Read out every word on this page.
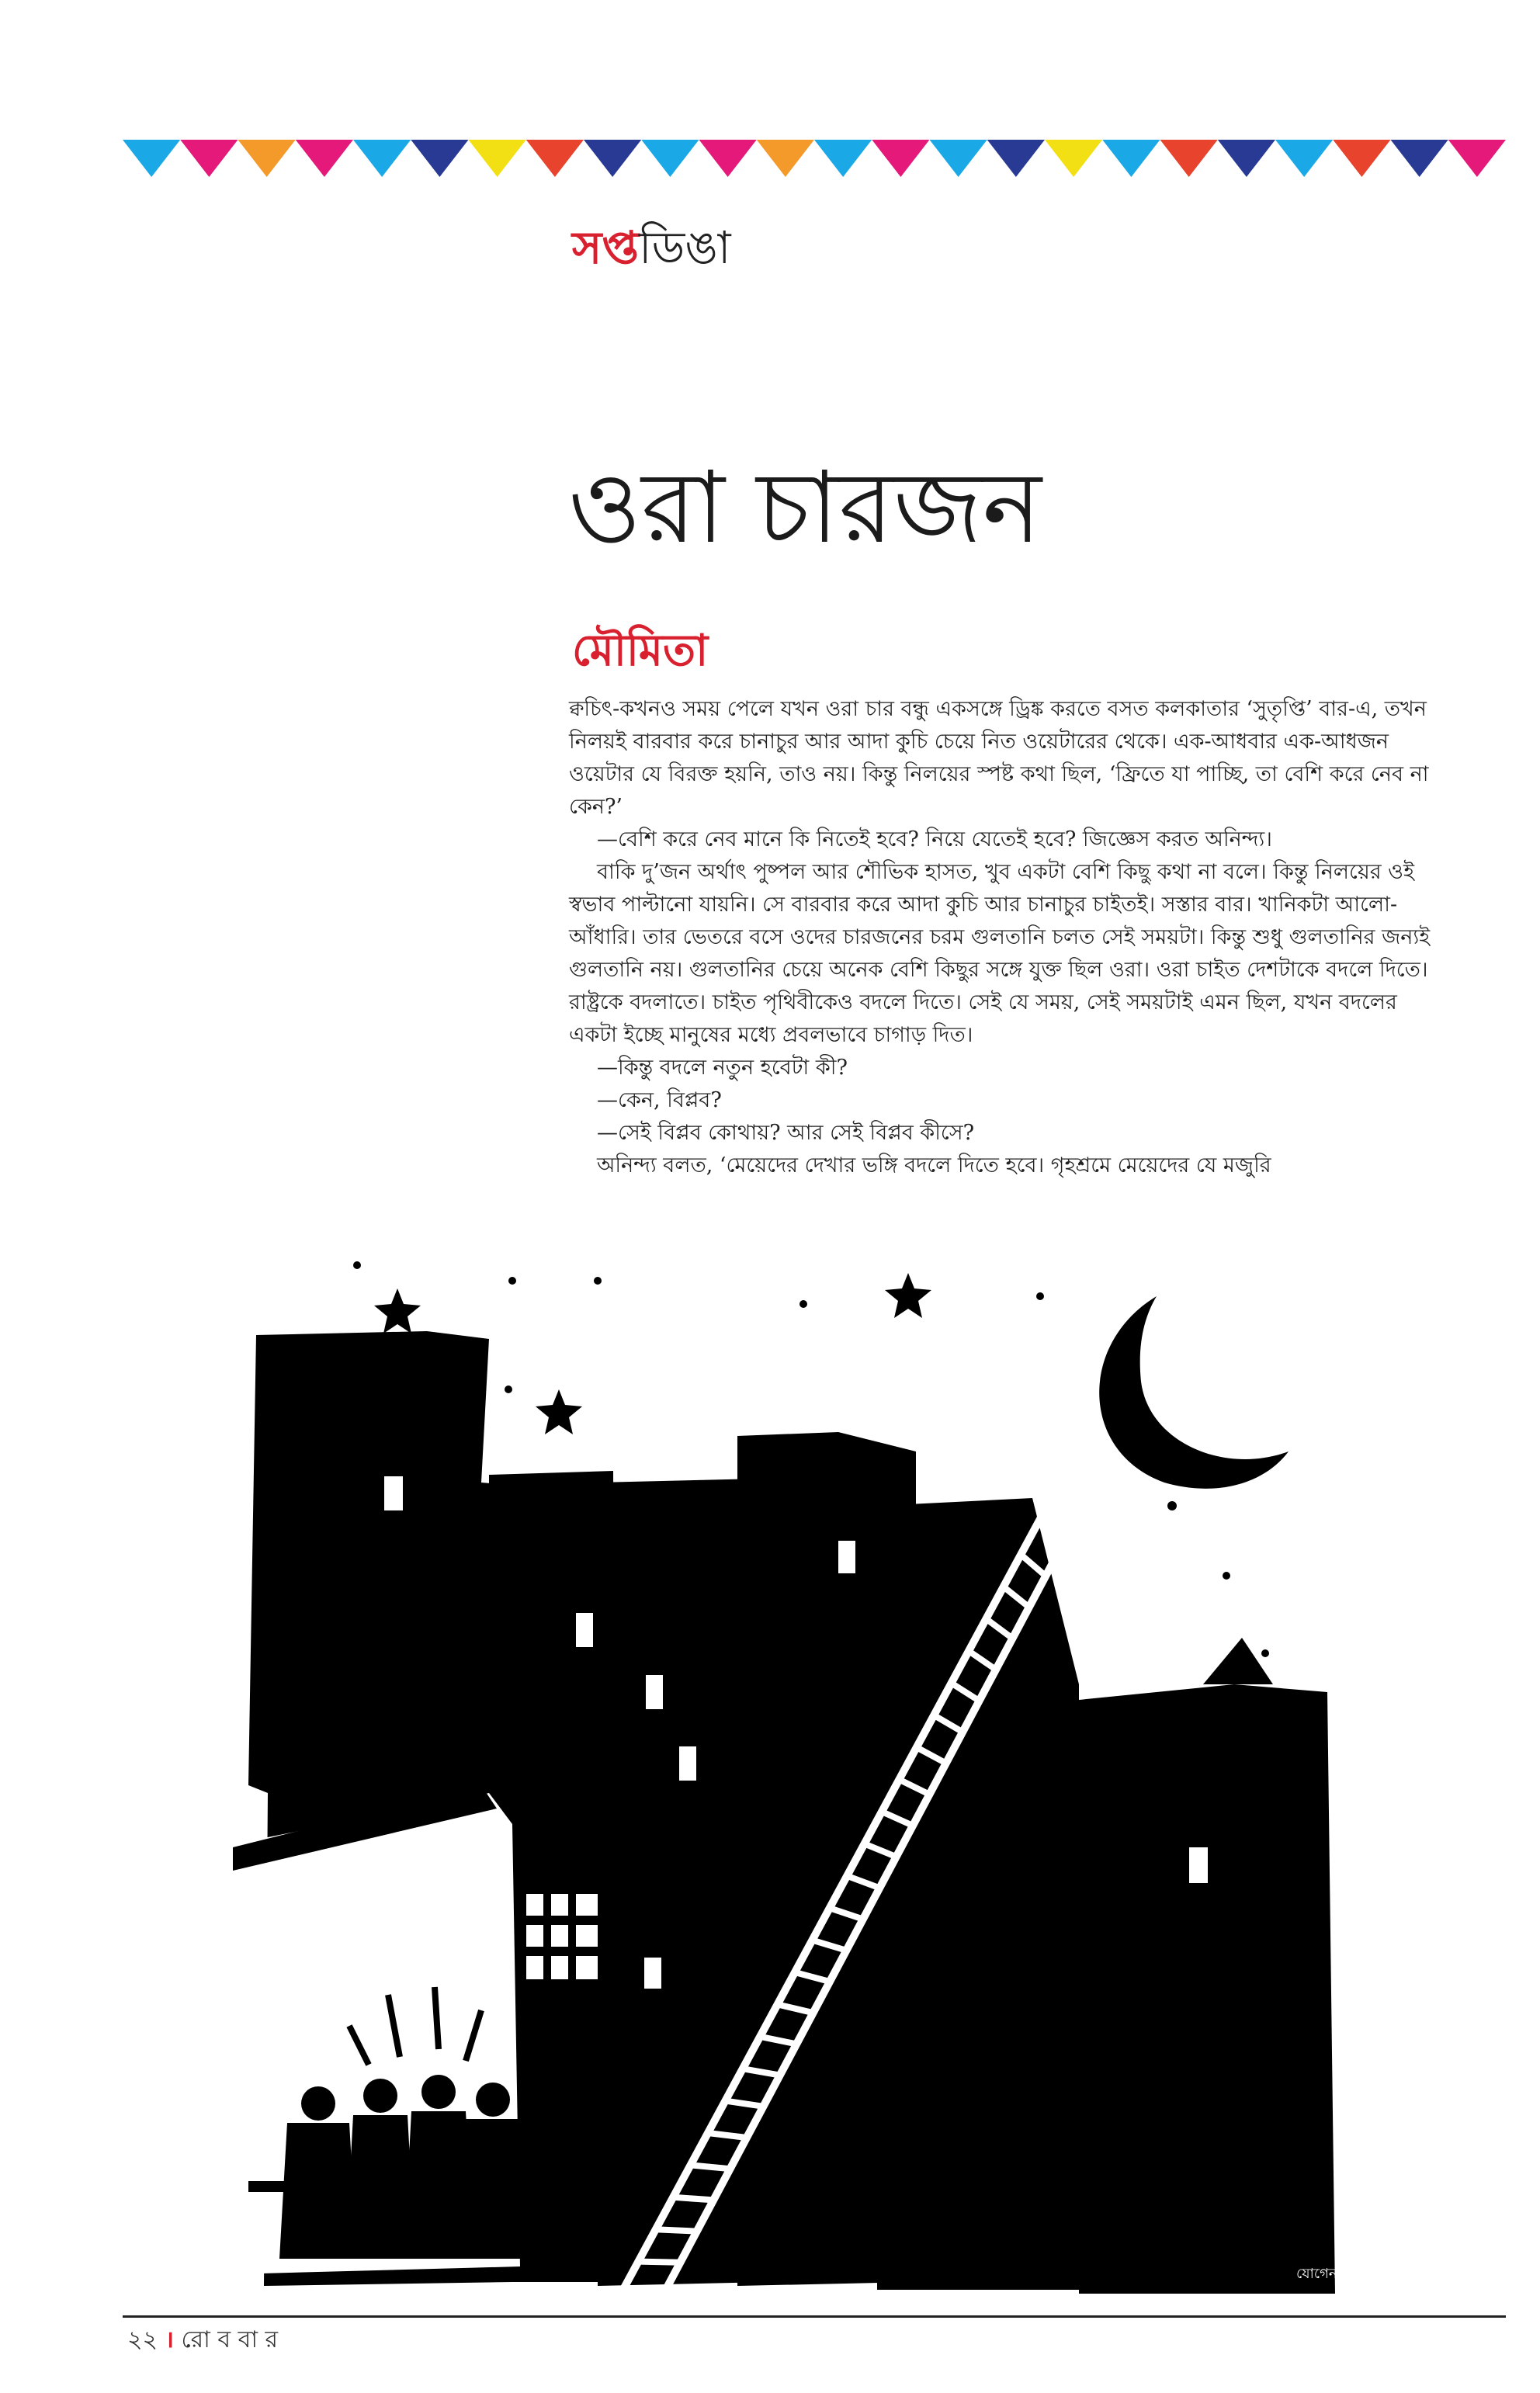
সপ্তডিঙা
ওরা চারজন
মৌমিতা

ক্বচিৎ-কখনও সময় পেলে যখন ওরা চার বন্ধু একসঙ্গে ড্রিঙ্ক করতে বসত কলকাতার ‘সুতৃপ্তি’ বার-এ, তখন নিলয়ই বারবার করে চানাচুর আর আদা কুচি চেয়ে নিত ওয়েটারের থেকে। এক-আধবার এক-আধজন ওয়েটার যে বিরক্ত হয়নি, তাও নয়। কিন্তু নিলয়ের স্পষ্ট কথা ছিল, ‘ফ্রিতে যা পাচ্ছি, তা বেশি করে নেব না কেন?’

—বেশি করে নেব মানে কি নিতেই হবে? নিয়ে যেতেই হবে? জিজ্ঞেস করত অনিন্দ্য।

বাকি দু’জন অর্থাৎ পুষ্পল আর শৌভিক হাসত, খুব একটা বেশি কিছু কথা না বলে। কিন্তু নিলয়ের ওই স্বভাব পাল্টানো যায়নি। সে বারবার করে আদা কুচি আর চানাচুর চাইতই। সস্তার বার। খানিকটা আলো-আঁধারি। তার ভেতরে বসে ওদের চারজনের চরম গুলতানি চলত সেই সময়টা। কিন্তু শুধু গুলতানির জন্যই গুলতানি নয়। গুলতানির চেয়ে অনেক বেশি কিছুর সঙ্গে যুক্ত ছিল ওরা। ওরা চাইত দেশটাকে বদলে দিতে। রাষ্ট্রকে বদলাতে। চাইত পৃথিবীকেও বদলে দিতে। সেই যে সময়, সেই সময়টাই এমন ছিল, যখন বদলের একটা ইচ্ছে মানুষের মধ্যে প্রবলভাবে চাগাড় দিত।

—কিন্তু বদলে নতুন হবেটা কী?

—কেন, বিপ্লব?

—সেই বিপ্লব কোথায়? আর সেই বিপ্লব কীসে?

অনিন্দ্য বলত, ‘মেয়েদের দেখার ভঙ্গি বদলে দিতে হবে। গৃহশ্রমে মেয়েদের যে মজুরি

যোগেন
২২ । রো ব বা র
